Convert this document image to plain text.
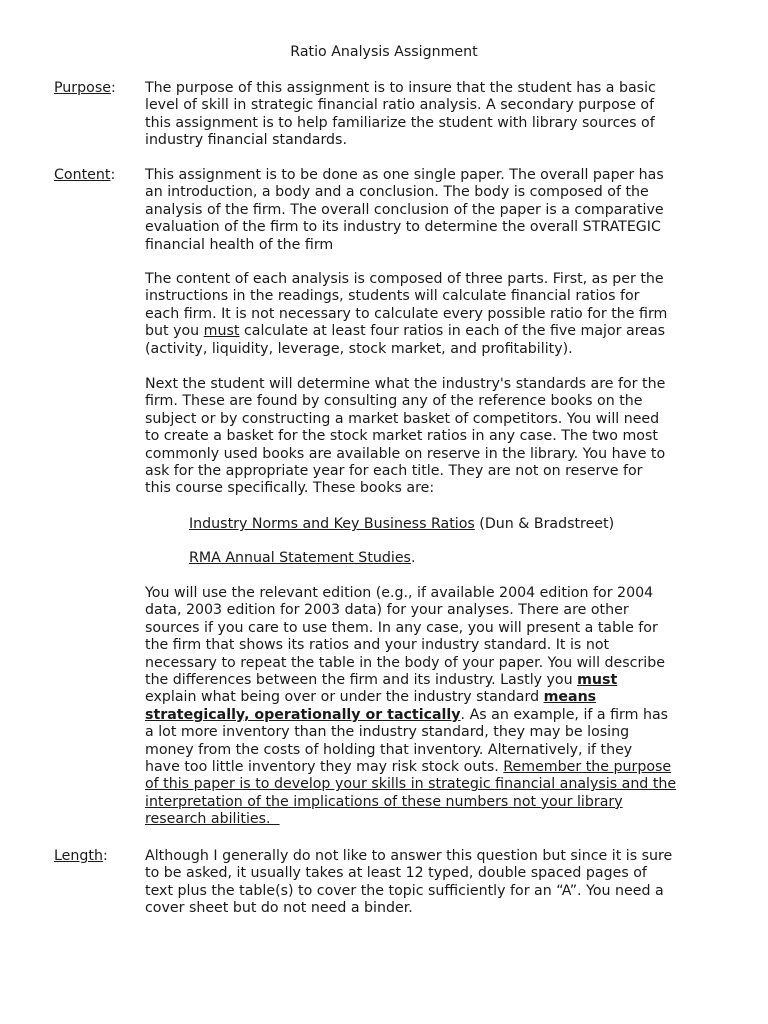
Ratio Analysis Assignment
Purpose: The purpose of this assignment is to insure that the student has a basic
level of skill in strategic financial ratio analysis. A secondary purpose of
this assignment is to help familiarize the student with library sources of
industry financial standards.
Content: This assignment is to be done as one single paper. The overall paper has
an introduction, a body and a conclusion. The body is composed of the
analysis of the firm. The overall conclusion of the paper is a comparative
evaluation of the firm to its industry to determine the overall STRATEGIC
financial health of the firm
The content of each analysis is composed of three parts. First, as per the
instructions in the readings, students will calculate financial ratios for
each firm. It is not necessary to calculate every possible ratio for the firm
but you must calculate at least four ratios in each of the five major areas
(activity, liquidity, leverage, stock market, and profitability).
Next the student will determine what the industry's standards are for the
firm. These are found by consulting any of the reference books on the
subject or by constructing a market basket of competitors. You will need
to create a basket for the stock market ratios in any case. The two most
commonly used books are available on reserve in the library. You have to
ask for the appropriate year for each title. They are not on reserve for
this course specifically. These books are:
Industry Norms and Key Business Ratios (Dun & Bradstreet)
RMA Annual Statement Studies.
You will use the relevant edition (e.g., if available 2004 edition for 2004
data, 2003 edition for 2003 data) for your analyses. There are other
sources if you care to use them. In any case, you will present a table for
the firm that shows its ratios and your industry standard. It is not
necessary to repeat the table in the body of your paper. You will describe
the differences between the firm and its industry. Lastly you must
explain what being over or under the industry standard means
strategically, operationally or tactically. As an example, if a firm has
a lot more inventory than the industry standard, they may be losing
money from the costs of holding that inventory. Alternatively, if they
have too little inventory they may risk stock outs. Remember the purpose
of this paper is to develop your skills in strategic financial analysis and the
interpretation of the implications of these numbers not your library
research abilities.
Length:	Although I generally do not like to answer this question but since it is sure
to be asked, it usually takes at least 12 typed, double spaced pages of
text plus the table(s) to cover the topic sufficiently for an “A”. You need a
cover sheet but do not need a binder.
